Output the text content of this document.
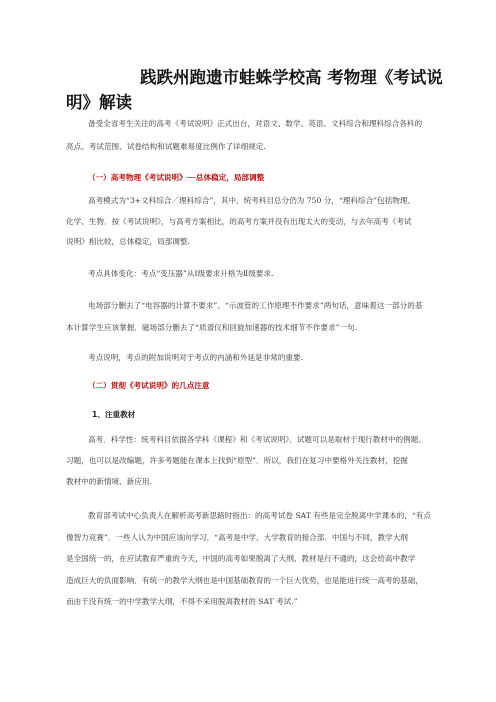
践跌州跑遗市蛙蛛学校高 考物理《考试说
明》解读
备受全省考生关注的高考《考试说明》正式出台，对语文、数学、英语、文科综合和理科综合各科的
亮点、考试范围、试卷结构和试题难易度比例作了详细规定.
（一）高考物理《考试说明》──总体稳定，局部调整
高考模式为“3+文科综合／理科综合”，其中，统考科目总分仍为 750 分，“理科综合”包括物理、
化学、生物．按《考试说明》，与高考方案相比，的高考方案并没有出现太大的变动，与去年高考《考试
说明》相比较，总体稳定，局部调整.
考点具体变化：考点“变压器”从Ⅰ级要求升格为Ⅱ级要求.
电场部分删去了“电容器的计算不要求”、“示波管的工作原理不作要求”两句话，意味着这一部分的基
本计算学生应该掌握．磁场部分删去了“质谱仪和回旋加速器的技术细节不作要求”一句.
考点说明，考点的附加说明对于考点的内涵和外延是非常的重要.
（二）贯彻《考试说明》的几点注意
1、注重教材
高考．科学性：统考科目依据各学科《课程》和《考试说明》．试题可以是取材于现行教材中的例题、
习题，也可以是改编题，许多考题能在课本上找到“原型”．所以，我们在复习中要格外关注教材，挖掘
教材中的新情境、新应用.
教育部考试中心负责人在解析高考新思路时指出：的高考试卷 SAT 有些是完全脱离中学课本的，“有点
像智力竞赛”．一些人认为中国应该向学习．“高考是中学、大学教育的接合部．中国与不同，教学大纲
是全国统一的，在应试教育严重的今天，中国的高考如果脱离了大纲、教材是行不通的，这会给高中教学
造成巨大的负面影响．有统一的教学大纲也是中国基础教育的一个巨大优势，也是能进行统一高考的基础，
而由于没有统一的中学教学大纲，不得不采用脱离教材的 SAT 考试.”
